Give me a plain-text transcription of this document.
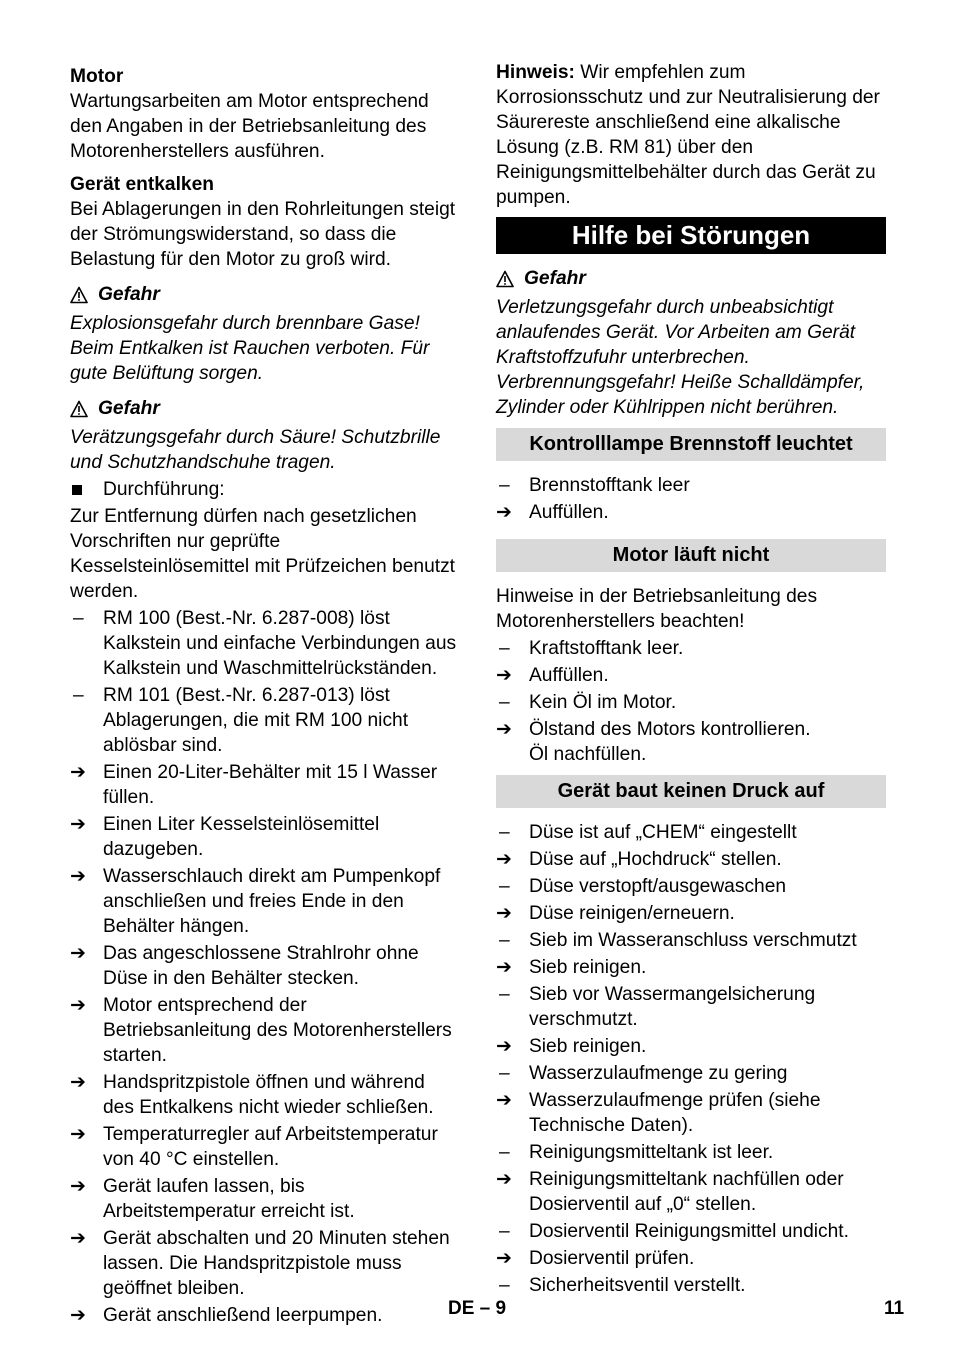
Motor
Wartungsarbeiten am Motor entsprechend den Angaben in der Betriebsanleitung des Motorenherstellers ausführen.
Gerät entkalken
Bei Ablagerungen in den Rohrleitungen steigt der Strömungswiderstand, so dass die Belastung für den Motor zu groß wird.
Gefahr
Explosionsgefahr durch brennbare Gase! Beim Entkalken ist Rauchen verboten. Für gute Belüftung sorgen.
Gefahr
Verätzungsgefahr durch Säure! Schutzbrille und Schutzhandschuhe tragen.
Durchführung:
Zur Entfernung dürfen nach gesetzlichen Vorschriften nur geprüfte Kesselsteinlösemittel mit Prüfzeichen benutzt werden.
–	RM 100 (Best.-Nr. 6.287-008) löst Kalkstein und einfache Verbindungen aus Kalkstein und Waschmittelrückständen.
–	RM 101 (Best.-Nr. 6.287-013) löst Ablagerungen, die mit RM 100 nicht ablösbar sind.
➔ Einen 20-Liter-Behälter mit 15 l Wasser füllen.
➔ Einen Liter Kesselsteinlösemittel dazugeben.
➔ Wasserschlauch direkt am Pumpenkopf anschließen und freies Ende in den Behälter hängen.
➔ Das angeschlossene Strahlrohr ohne Düse in den Behälter stecken.
➔ Motor entsprechend der Betriebsanleitung des Motorenherstellers starten.
➔ Handspritzpistole öffnen und während des Entkalkens nicht wieder schließen.
➔ Temperaturregler auf Arbeitstemperatur von 40 °C einstellen.
➔ Gerät laufen lassen, bis Arbeitstemperatur erreicht ist.
➔ Gerät abschalten und 20 Minuten stehen lassen. Die Handspritzpistole muss geöffnet bleiben.
➔ Gerät anschließend leerpumpen.
Hinweis: Wir empfehlen zum Korrosionsschutz und zur Neutralisierung der Säurereste anschließend eine alkalische Lösung (z.B. RM 81) über den Reinigungsmittelbehälter durch das Gerät zu pumpen.
Hilfe bei Störungen
Gefahr
Verletzungsgefahr durch unbeabsichtigt anlaufendes Gerät. Vor Arbeiten am Gerät Kraftstoffzufuhr unterbrechen.
Verbrennungsgefahr! Heiße Schalldämpfer, Zylinder oder Kühlrippen nicht berühren.
Kontrolllampe Brennstoff leuchtet
–	Brennstofftank leer
➔ Auffüllen.
Motor läuft nicht
Hinweise in der Betriebsanleitung des Motorenherstellers beachten!
–	Kraftstofftank leer.
➔ Auffüllen.
–	Kein Öl im Motor.
➔ Ölstand des Motors kontrollieren.
Öl nachfüllen.
Gerät baut keinen Druck auf
–	Düse ist auf „CHEM“ eingestellt
➔ Düse auf „Hochdruck“ stellen.
–	Düse verstopft/ausgewaschen
➔ Düse reinigen/erneuern.
–	Sieb im Wasseranschluss verschmutzt
➔ Sieb reinigen.
–	Sieb vor Wassermangelsicherung verschmutzt.
➔ Sieb reinigen.
–	Wasserzulaufmenge zu gering
➔ Wasserzulaufmenge prüfen (siehe Technische Daten).
–	Reinigungsmitteltank ist leer.
➔ Reinigungsmitteltank nachfüllen oder Dosierventil auf „0“ stellen.
–	Dosierventil Reinigungsmittel undicht.
➔ Dosierventil prüfen.
–	Sicherheitsventil verstellt.
DE – 9	11
